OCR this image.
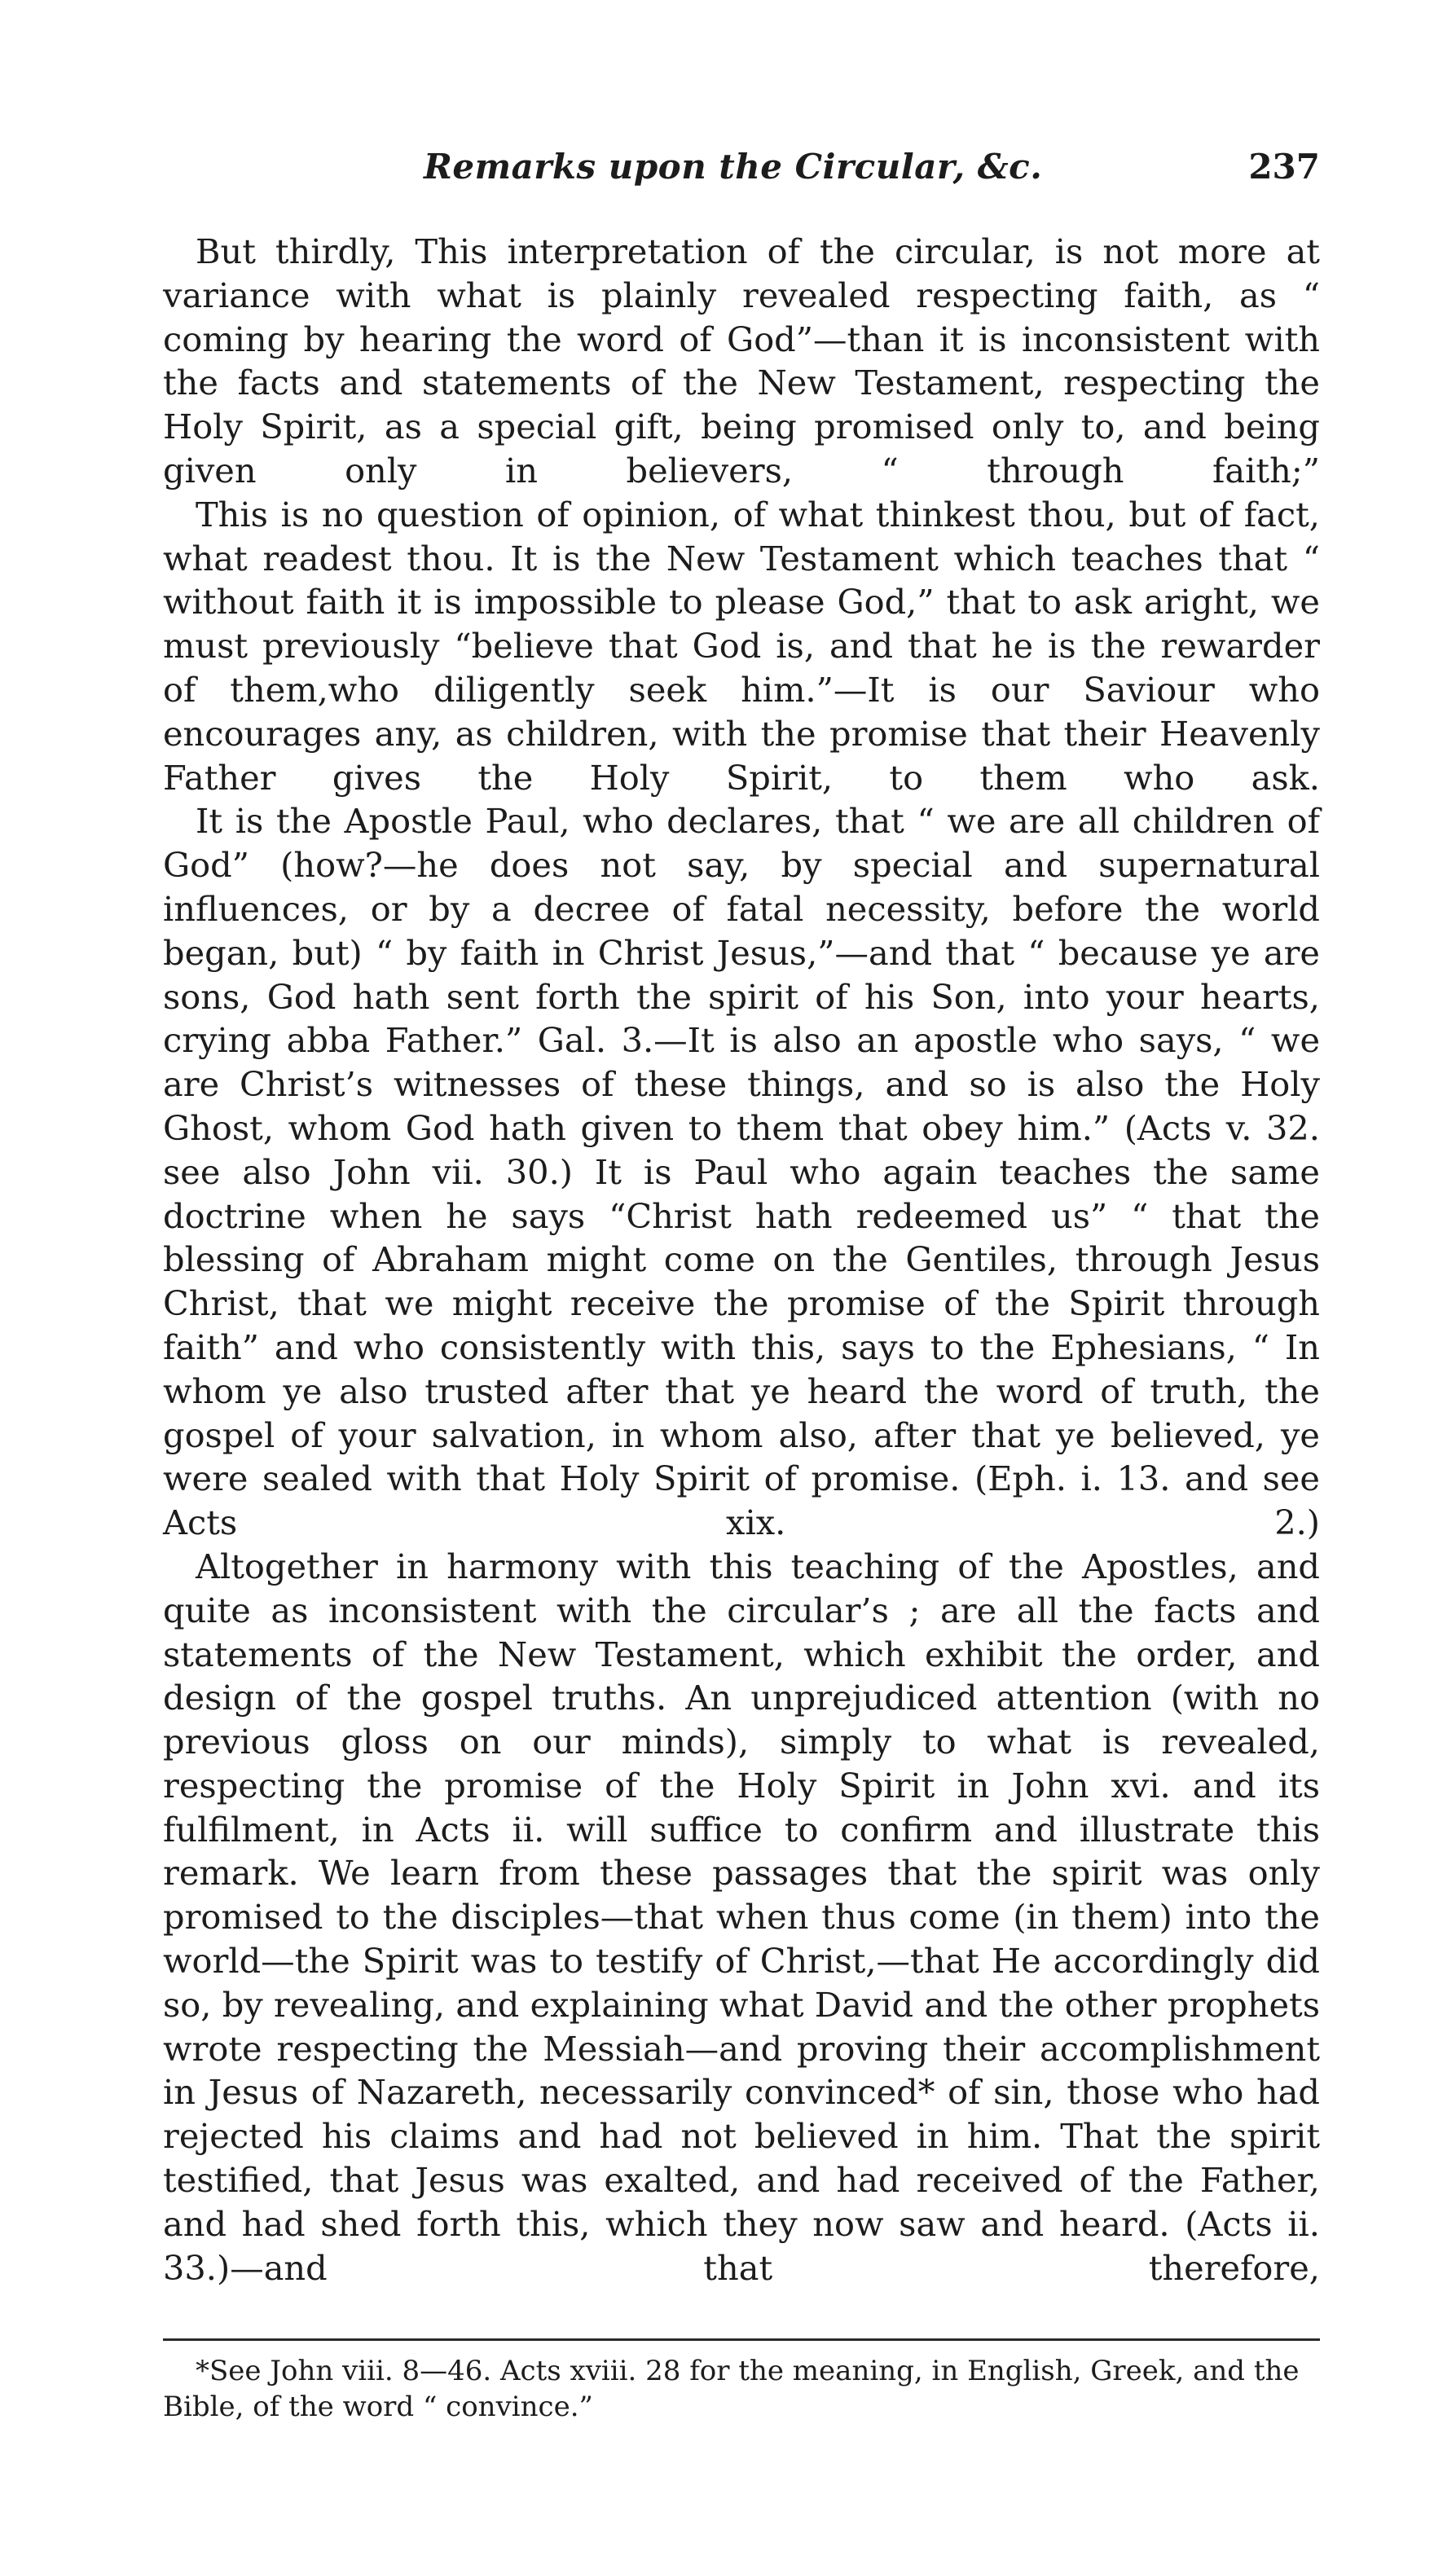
Remarks upon the Circular, &c.	237

But thirdly, This interpretation of the circular, is not more at variance with what is plainly revealed respecting faith, as “ coming by hearing the word of God”—than it is inconsistent with the facts and statements of the New Testament, respecting the Holy Spirit, as a special gift, being promised only to, and being given only in believers, “ through faith;”

This is no question of opinion, of what thinkest thou, but of fact, what readest thou. It is the New Testament which teaches that “ without faith it is impossible to please God,” that to ask aright, we must previously “believe that God is, and that he is the rewarder of them,who diligently seek him.”—It is our Saviour who encourages any, as children, with the promise that their Heavenly Father gives the Holy Spirit, to them who ask.

It is the Apostle Paul, who declares, that “ we are all children of God” (how?—he does not say, by special and supernatural influences, or by a decree of fatal necessity, before the world began, but) “ by faith in Christ Jesus,”—and that “ because ye are sons, God hath sent forth the spirit of his Son, into your hearts, crying abba Father.” Gal. 3.—It is also an apostle who says, “ we are Christ’s witnesses of these things, and so is also the Holy Ghost, whom God hath given to them that obey him.” (Acts v. 32. see also John vii. 30.) It is Paul who again teaches the same doctrine when he says “Christ hath redeemed us” “ that the blessing of Abraham might come on the Gentiles, through Jesus Christ, that we might receive the promise of the Spirit through faith” and who consistently with this, says to the Ephesians, “ In whom ye also trusted after that ye heard the word of truth, the gospel of your salvation, in whom also, after that ye believed, ye were sealed with that Holy Spirit of promise. (Eph. i. 13. and see Acts xix. 2.)

Altogether in harmony with this teaching of the Apostles, and quite as inconsistent with the circular’s ; are all the facts and statements of the New Testament, which exhibit the order, and design of the gospel truths. An unprejudiced attention (with no previous gloss on our minds), simply to what is revealed, respecting the promise of the Holy Spirit in John xvi. and its fulfilment, in Acts ii. will suffice to confirm and illustrate this remark. We learn from these passages that the spirit was only promised to the disciples—that when thus come (in them) into the world—the Spirit was to testify of Christ,—that He accordingly did so, by revealing, and explaining what David and the other prophets wrote respecting the Messiah—and proving their accomplishment in Jesus of Nazareth, necessarily convinced* of sin, those who had rejected his claims and had not believed in him. That the spirit testified, that Jesus was exalted, and had received of the Father, and had shed forth this, which they now saw and heard. (Acts ii. 33.)—and that therefore,

*See John viii. 8—46. Acts xviii. 28 for the meaning, in English, Greek, and the Bible, of the word “ convince.”
